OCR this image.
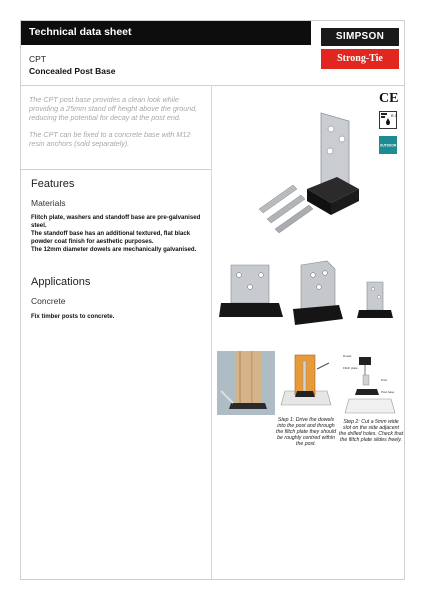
Technical data sheet
CPT
Concealed Post Base
SIMPSON
Strong-Tie

The CPT post base provides a clean look while providing a 25mm stand off height above the ground, reducing the potential for decay at the post end.

The CPT can be fixed to a concrete base with M12 resin anchors (sold separately).

Features
Materials

Flitch plate, washers and standoff base are pre-galvanised steel.

The standoff base has an additional textured, flat black powder coat finish for aesthetic purposes.

The 12mm diameter dowels are mechanically galvanised.

Applications
Concrete
Fix timber posts to concrete.
CE
R-3
OUTDOOR
Step 1: Drive the dowels into the post and through the flitch plate they should be roughly centred within the post.
Dowel
Flitch plate
Post
Post base
Step 2: Cut a 5mm wide slot on the side adjacent the drilled holes. Check that the flitch plate slides freely.
